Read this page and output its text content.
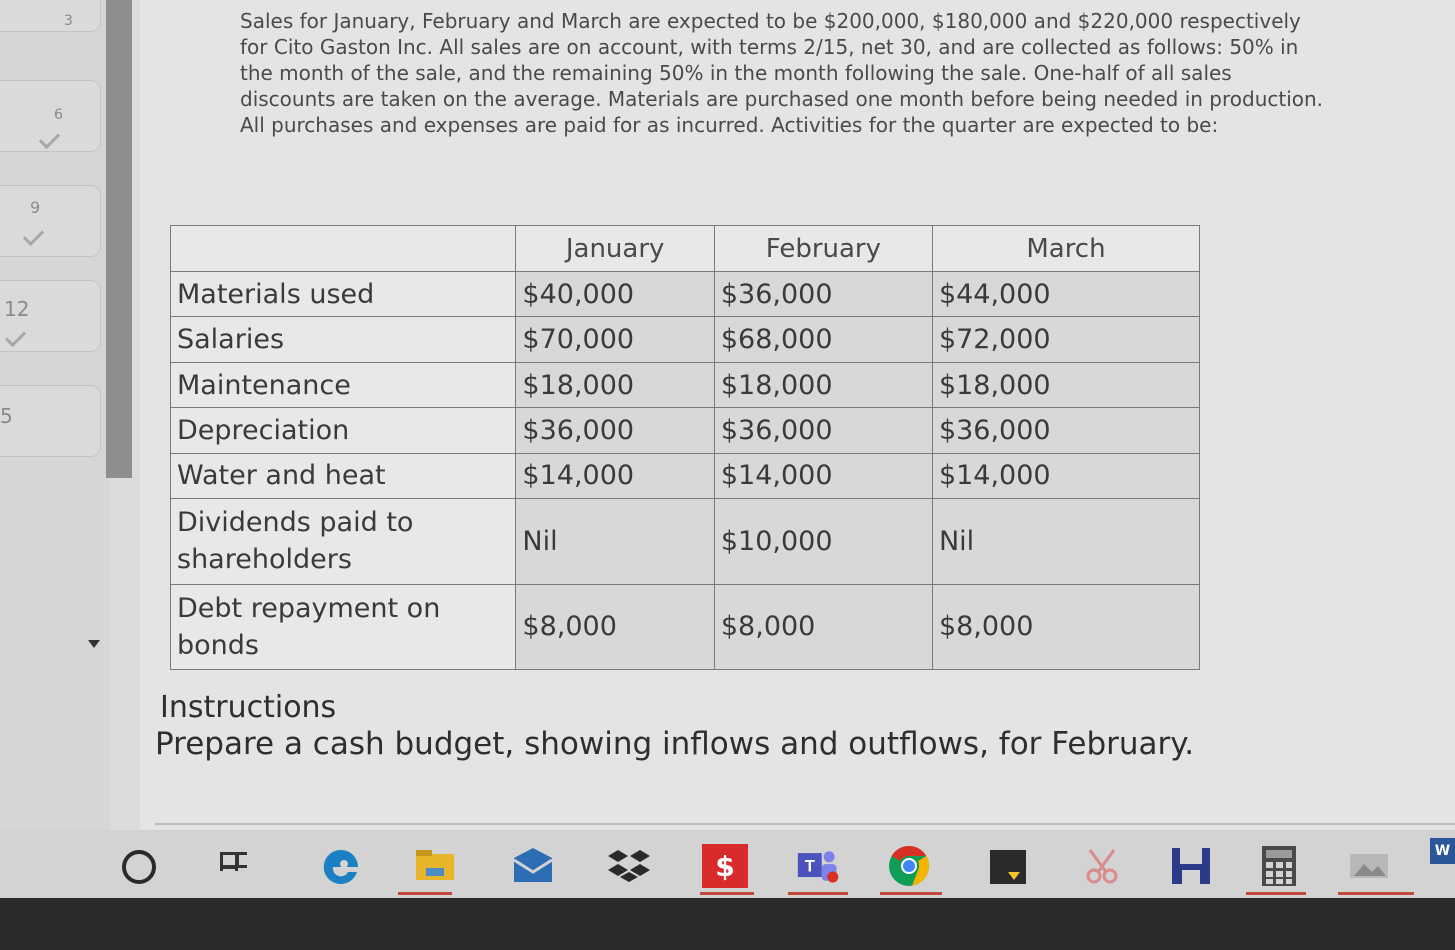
3
6
9
12
5

Sales for January, February and March are expected to be $200,000, $180,000 and $220,000 respectively for Cito Gaston Inc. All sales are on account, with terms 2/15, net 30, and are collected as follows: 50% in the month of the sale, and the remaining 50% in the month following the sale. One-half of all sales discounts are taken on the average. Materials are purchased one month before being needed in production. All purchases and expenses are paid for as incurred. Activities for the quarter are expected to be:

	January	February	March
Materials used	$40,000	$36,000	$44,000
Salaries	$70,000	$68,000	$72,000
Maintenance	$18,000	$18,000	$18,000
Depreciation	$36,000	$36,000	$36,000
Water and heat	$14,000	$14,000	$14,000
Dividends paid to shareholders	Nil	$10,000	Nil
Debt repayment on bonds	$8,000	$8,000	$8,000
Instructions
Prepare a cash budget, showing inflows and outflows, for February.
$	T
W
